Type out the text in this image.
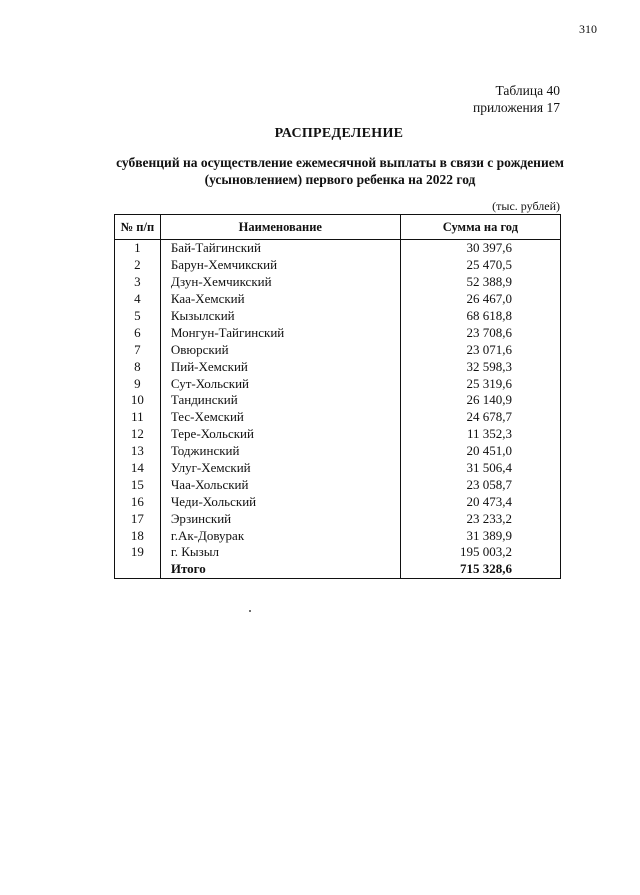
310
Таблица 40
приложения 17
РАСПРЕДЕЛЕНИЕ
субвенций на осуществление ежемесячной выплаты в связи с рождением
(усыновлением) первого ребенка на 2022 год
(тыс. рублей)
№ п/п	Наименование	Сумма на год
1	Бай-Тайгинский	30 397,6
2	Барун-Хемчикский	25 470,5
3	Дзун-Хемчикский	52 388,9
4	Каа-Хемский	26 467,0
5	Кызылский	68 618,8
6	Монгун-Тайгинский	23 708,6
7	Овюрский	23 071,6
8	Пий-Хемский	32 598,3
9	Сут-Хольский	25 319,6
10	Тандинский	26 140,9
11	Тес-Хемский	24 678,7
12	Тере-Хольский	11 352,3
13	Тоджинский	20 451,0
14	Улуг-Хемский	31 506,4
15	Чаа-Хольский	23 058,7
16	Чеди-Хольский	20 473,4
17	Эрзинский	23 233,2
18	г.Ак-Довурак	31 389,9
19	г. Кызыл	195 003,2
	Итого	715 328,6
